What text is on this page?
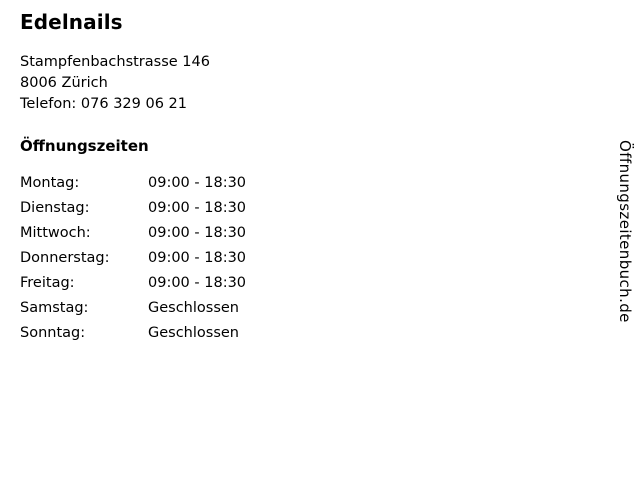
Edelnails
Stampfenbachstrasse 146
8006 Zürich
Telefon: 076 329 06 21
Öffnungszeiten
Montag:	09:00 - 18:30
Dienstag:	09:00 - 18:30
Mittwoch:	09:00 - 18:30
Donnerstag:	09:00 - 18:30
Freitag:	09:00 - 18:30
Samstag:	Geschlossen
Sonntag:	Geschlossen
Öffnungszeitenbuch.de
